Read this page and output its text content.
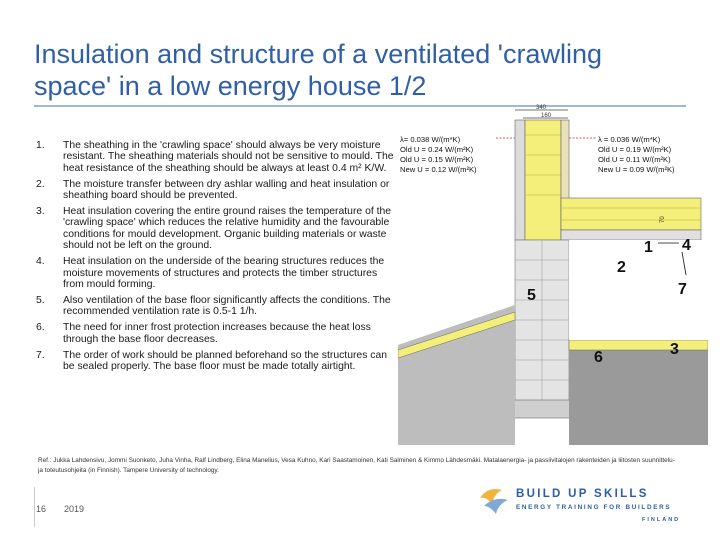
Insulation and structure of a ventilated 'crawling space' in a low energy house 1/2
1.	The sheathing in the 'crawling space' should always be very moisture resistant. The sheathing materials should not be sensitive to mould. The heat resistance of the sheathing should be always at least 0.4 m² K/W.
2.	The moisture transfer between dry ashlar walling and heat insulation or sheathing board should be prevented.
3.	Heat insulation covering the entire ground raises the temperature of the 'crawling space' which reduces the relative humidity and the favourable conditions for mould development. Organic building materials or waste should not be left on the ground.
4.	Heat insulation on the underside of the bearing structures reduces the moisture movements of structures and protects the timber structures from mould forming.
5.	Also ventilation of the base floor significantly affects the conditions. The recommended ventilation rate is 0.5-1 1/h.
6.	The need for inner frost protection increases because the heat loss through the base floor decreases.
7.	The order of work should be planned beforehand so the structures can be sealed properly. The base floor must be made totally airtight.
340
160
70
λ= 0.038 W/(m*K)
Old U = 0.24 W/(m²K)
Old U = 0.15 W/(m²K)
New U = 0.12 W/(m²K)
λ = 0.036 W/(m*K)
Old U = 0.19 W/(m²K)
Old U = 0.11 W/(m²K)
New U = 0.09 W/(m²K)
1
2
3
4
5
6
7
Ref.: Jukka Lahdensivu, Jommi Suonketo, Juha Vinha, Ralf Lindberg, Elina Manelius, Vesa Kuhno, Kari Saastamoinen, Kati Salminen & Kimmo Lähdesmäki. Matalaenergia- ja passiivitalojen rakenteiden ja liitosten suunnittelu- ja toteutusohjeita (in Finnish). Tampere University of technology.
16 2019
BUILD UP SKILLS
ENERGY TRAINING FOR BUILDERS
FINLAND
